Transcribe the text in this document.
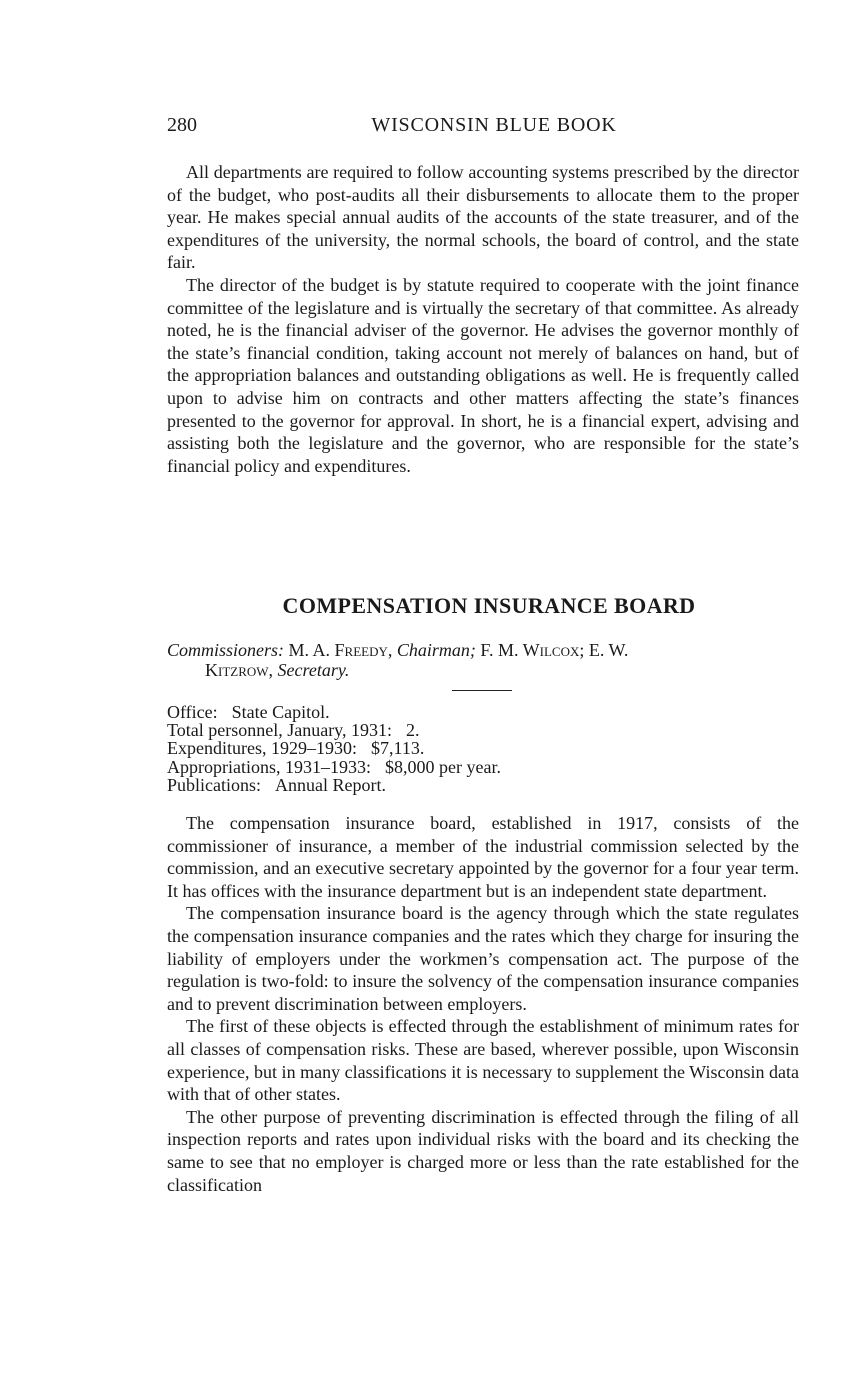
280	WISCONSIN BLUE BOOK

All departments are required to follow accounting systems prescribed by the director of the budget, who post-audits all their disbursements to allocate them to the proper year. He makes special annual audits of the accounts of the state treasurer, and of the expenditures of the university, the normal schools, the board of control, and the state fair.

The director of the budget is by statute required to cooperate with the joint finance committee of the legislature and is virtually the secretary of that committee. As already noted, he is the financial adviser of the governor. He advises the governor monthly of the state’s financial condition, taking account not merely of balances on hand, but of the appropriation balances and outstanding obligations as well. He is frequently called upon to advise him on contracts and other matters affecting the state’s finances presented to the governor for approval. In short, he is a financial expert, advising and assisting both the legislature and the governor, who are responsible for the state’s financial policy and expenditures.

COMPENSATION INSURANCE BOARD
Commissioners: M. A. Freedy, Chairman; F. M. Wilcox; E. W.
Kitzrow, Secretary.
Office: State Capitol.
Total personnel, January, 1931: 2.
Expenditures, 1929–1930: $7,113.
Appropriations, 1931–1933: $8,000 per year.
Publications: Annual Report.

The compensation insurance board, established in 1917, consists of the commissioner of insurance, a member of the industrial commission selected by the commission, and an executive secretary appointed by the governor for a four year term. It has offices with the insurance department but is an independent state department.

The compensation insurance board is the agency through which the state regulates the compensation insurance companies and the rates which they charge for insuring the liability of employers under the workmen’s compensation act. The purpose of the regulation is two-fold: to insure the solvency of the compensation insurance companies and to prevent discrimination between employers.

The first of these objects is effected through the establishment of minimum rates for all classes of compensation risks. These are based, wherever possible, upon Wisconsin experience, but in many classifications it is necessary to supplement the Wisconsin data with that of other states.

The other purpose of preventing discrimination is effected through the filing of all inspection reports and rates upon individual risks with the board and its checking the same to see that no employer is charged more or less than the rate established for the classification
